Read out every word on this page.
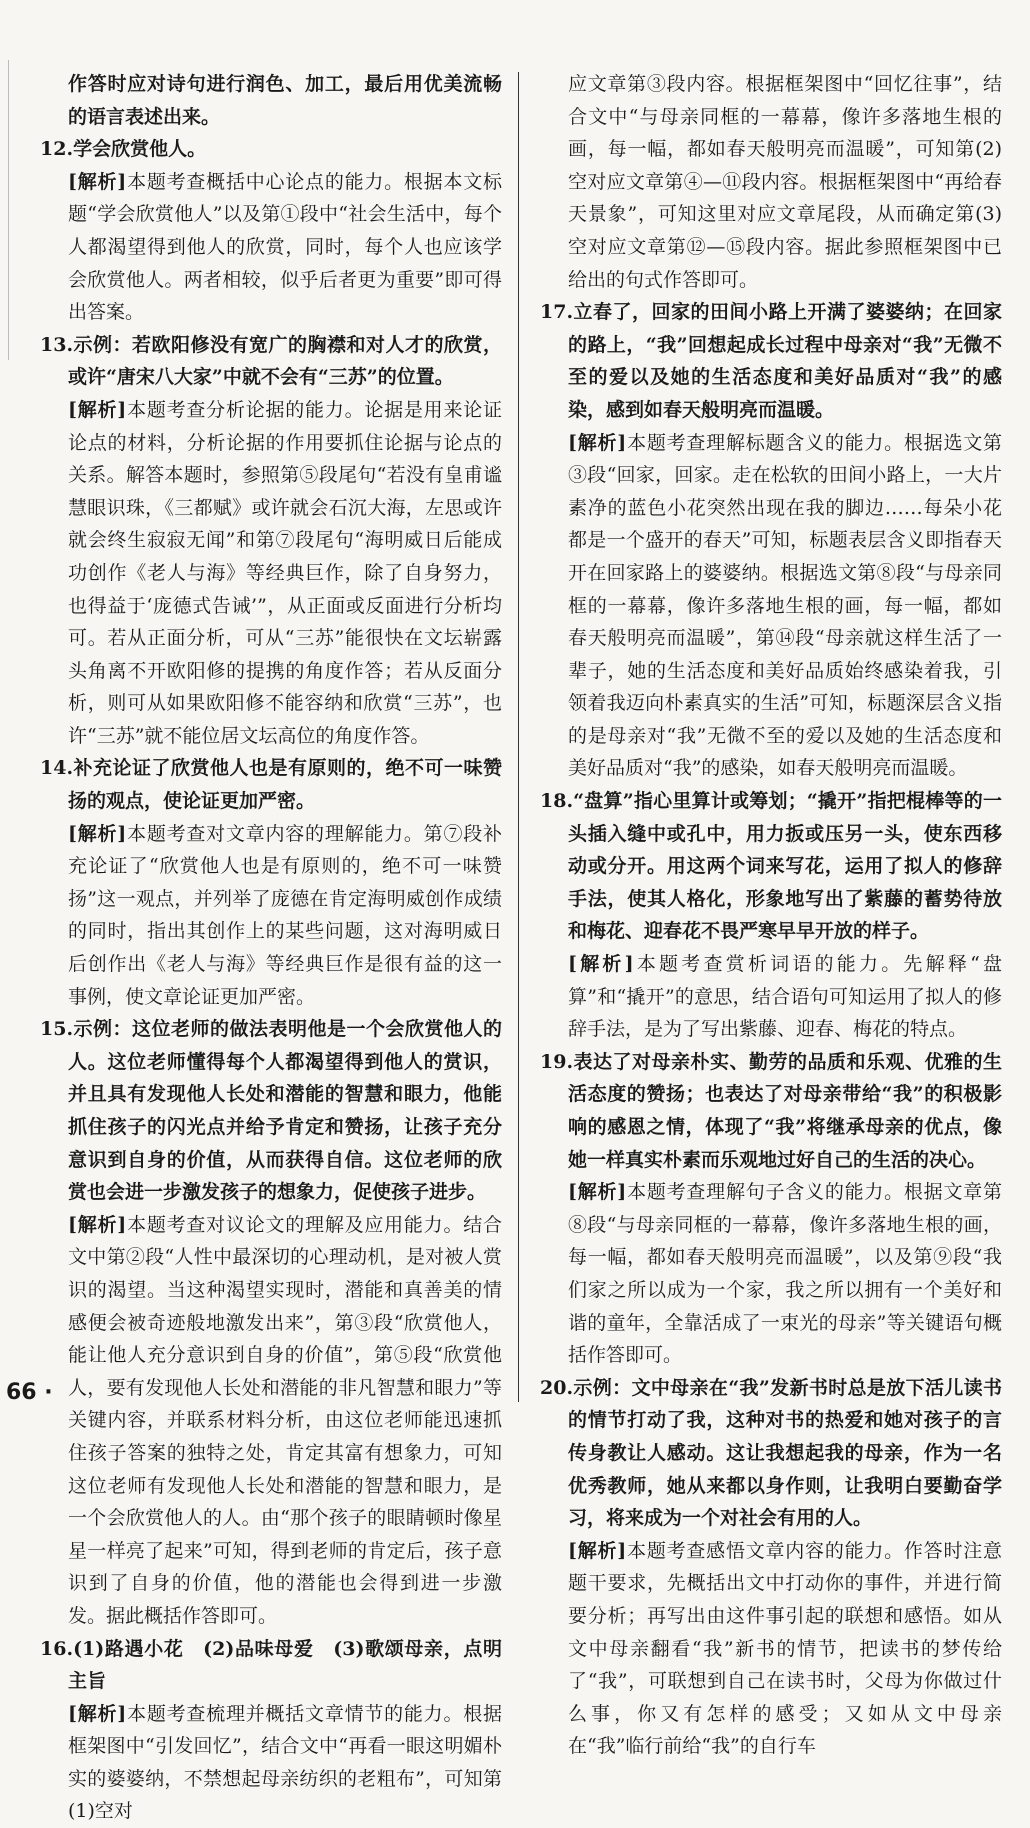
作答时应对诗句进行润色、加工，最后用优美流畅的语言表述出来。

12.学会欣赏他人。

[解析]本题考查概括中心论点的能力。根据本文标题“学会欣赏他人”以及第①段中“社会生活中，每个人都渴望得到他人的欣赏，同时，每个人也应该学会欣赏他人。两者相较，似乎后者更为重要”即可得出答案。

13.示例：若欧阳修没有宽广的胸襟和对人才的欣赏，或许“唐宋八大家”中就不会有“三苏”的位置。

[解析]本题考查分析论据的能力。论据是用来论证论点的材料，分析论据的作用要抓住论据与论点的关系。解答本题时，参照第⑤段尾句“若没有皇甫谧慧眼识珠，《三都赋》或许就会石沉大海，左思或许就会终生寂寂无闻”和第⑦段尾句“海明威日后能成功创作《老人与海》等经典巨作，除了自身努力，也得益于‘庞德式告诫’”，从正面或反面进行分析均可。若从正面分析，可从“三苏”能很快在文坛崭露头角离不开欧阳修的提携的角度作答；若从反面分析，则可从如果欧阳修不能容纳和欣赏“三苏”，也许“三苏”就不能位居文坛高位的角度作答。

14.补充论证了欣赏他人也是有原则的，绝不可一味赞扬的观点，使论证更加严密。

[解析]本题考查对文章内容的理解能力。第⑦段补充论证了“欣赏他人也是有原则的，绝不可一味赞扬”这一观点，并列举了庞德在肯定海明威创作成绩的同时，指出其创作上的某些问题，这对海明威日后创作出《老人与海》等经典巨作是很有益的这一事例，使文章论证更加严密。

15.示例：这位老师的做法表明他是一个会欣赏他人的人。这位老师懂得每个人都渴望得到他人的赏识，并且具有发现他人长处和潜能的智慧和眼力，他能抓住孩子的闪光点并给予肯定和赞扬，让孩子充分意识到自身的价值，从而获得自信。这位老师的欣赏也会进一步激发孩子的想象力，促使孩子进步。

[解析]本题考查对议论文的理解及应用能力。结合文中第②段“人性中最深切的心理动机，是对被人赏识的渴望。当这种渴望实现时，潜能和真善美的情感便会被奇迹般地激发出来”，第③段“欣赏他人，能让他人充分意识到自身的价值”，第⑤段“欣赏他人，要有发现他人长处和潜能的非凡智慧和眼力”等关键内容，并联系材料分析，由这位老师能迅速抓住孩子答案的独特之处，肯定其富有想象力，可知这位老师有发现他人长处和潜能的智慧和眼力，是一个会欣赏他人的人。由“那个孩子的眼睛顿时像星星一样亮了起来”可知，得到老师的肯定后，孩子意识到了自身的价值，他的潜能也会得到进一步激发。据此概括作答即可。

16.(1)路遇小花　(2)品味母爱　(3)歌颂母亲，点明主旨

[解析]本题考查梳理并概括文章情节的能力。根据框架图中“引发回忆”，结合文中“再看一眼这明媚朴实的婆婆纳，不禁想起母亲纺织的老粗布”，可知第(1)空对

应文章第③段内容。根据框架图中“回忆往事”，结合文中“与母亲同框的一幕幕，像许多落地生根的画，每一幅，都如春天般明亮而温暖”，可知第(2)空对应文章第④—⑪段内容。根据框架图中“再给春天景象”，可知这里对应文章尾段，从而确定第(3)空对应文章第⑫—⑮段内容。据此参照框架图中已给出的句式作答即可。

17.立春了，回家的田间小路上开满了婆婆纳；在回家的路上，“我”回想起成长过程中母亲对“我”无微不至的爱以及她的生活态度和美好品质对“我”的感染，感到如春天般明亮而温暖。

[解析]本题考查理解标题含义的能力。根据选文第③段“回家，回家。走在松软的田间小路上，一大片素净的蓝色小花突然出现在我的脚边……每朵小花都是一个盛开的春天”可知，标题表层含义即指春天开在回家路上的婆婆纳。根据选文第⑧段“与母亲同框的一幕幕，像许多落地生根的画，每一幅，都如春天般明亮而温暖”，第⑭段“母亲就这样生活了一辈子，她的生活态度和美好品质始终感染着我，引领着我迈向朴素真实的生活”可知，标题深层含义指的是母亲对“我”无微不至的爱以及她的生活态度和美好品质对“我”的感染，如春天般明亮而温暖。

18.“盘算”指心里算计或筹划；“撬开”指把棍棒等的一头插入缝中或孔中，用力扳或压另一头，使东西移动或分开。用这两个词来写花，运用了拟人的修辞手法，使其人格化，形象地写出了紫藤的蓄势待放和梅花、迎春花不畏严寒早早开放的样子。

[解析]本题考查赏析词语的能力。先解释“盘算”和“撬开”的意思，结合语句可知运用了拟人的修辞手法，是为了写出紫藤、迎春、梅花的特点。

19.表达了对母亲朴实、勤劳的品质和乐观、优雅的生活态度的赞扬；也表达了对母亲带给“我”的积极影响的感恩之情，体现了“我”将继承母亲的优点，像她一样真实朴素而乐观地过好自己的生活的决心。

[解析]本题考查理解句子含义的能力。根据文章第⑧段“与母亲同框的一幕幕，像许多落地生根的画，每一幅，都如春天般明亮而温暖”，以及第⑨段“我们家之所以成为一个家，我之所以拥有一个美好和谐的童年，全靠活成了一束光的母亲”等关键语句概括作答即可。

20.示例：文中母亲在“我”发新书时总是放下活儿读书的情节打动了我，这种对书的热爱和她对孩子的言传身教让人感动。这让我想起我的母亲，作为一名优秀教师，她从来都以身作则，让我明白要勤奋学习，将来成为一个对社会有用的人。

[解析]本题考查感悟文章内容的能力。作答时注意题干要求，先概括出文中打动你的事件，并进行简要分析；再写出由这件事引起的联想和感悟。如从文中母亲翻看“我”新书的情节，把读书的梦传给了“我”，可联想到自己在读书时，父母为你做过什么事，你又有怎样的感受；又如从文中母亲在“我”临行前给“我”的自行车

66 ·
